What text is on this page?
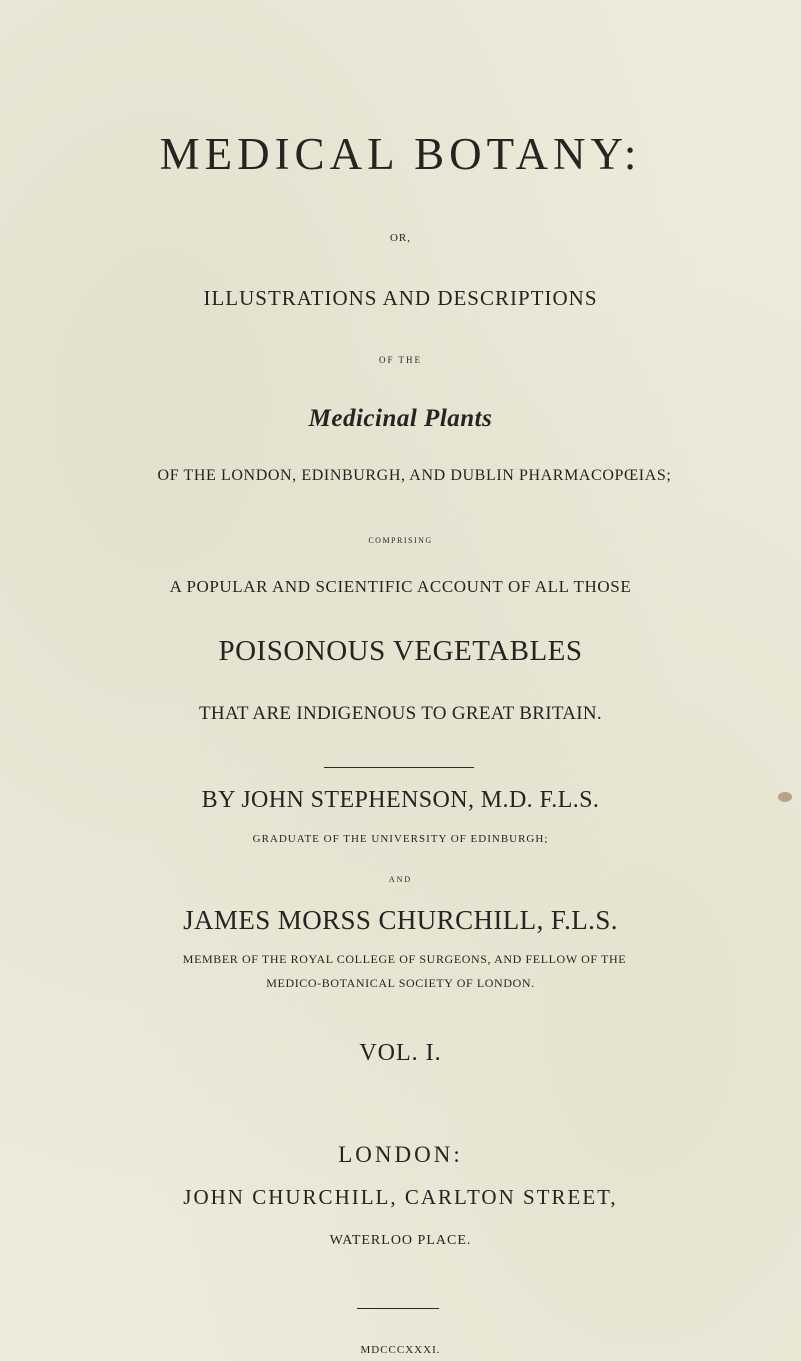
MEDICAL BOTANY:
OR,
ILLUSTRATIONS AND DESCRIPTIONS
OF THE
Medicinal Plants
OF THE LONDON, EDINBURGH, AND DUBLIN PHARMACOPŒIAS;
COMPRISING
A POPULAR AND SCIENTIFIC ACCOUNT OF ALL THOSE
POISONOUS VEGETABLES
THAT ARE INDIGENOUS TO GREAT BRITAIN.
BY JOHN STEPHENSON, M.D. F.L.S.
GRADUATE OF THE UNIVERSITY OF EDINBURGH;
AND
JAMES MORSS CHURCHILL, F.L.S.
MEMBER OF THE ROYAL COLLEGE OF SURGEONS, AND FELLOW OF THE
MEDICO-BOTANICAL SOCIETY OF LONDON.
VOL. I.
LONDON:
JOHN CHURCHILL, CARLTON STREET,
WATERLOO PLACE.
MDCCCXXXI.
